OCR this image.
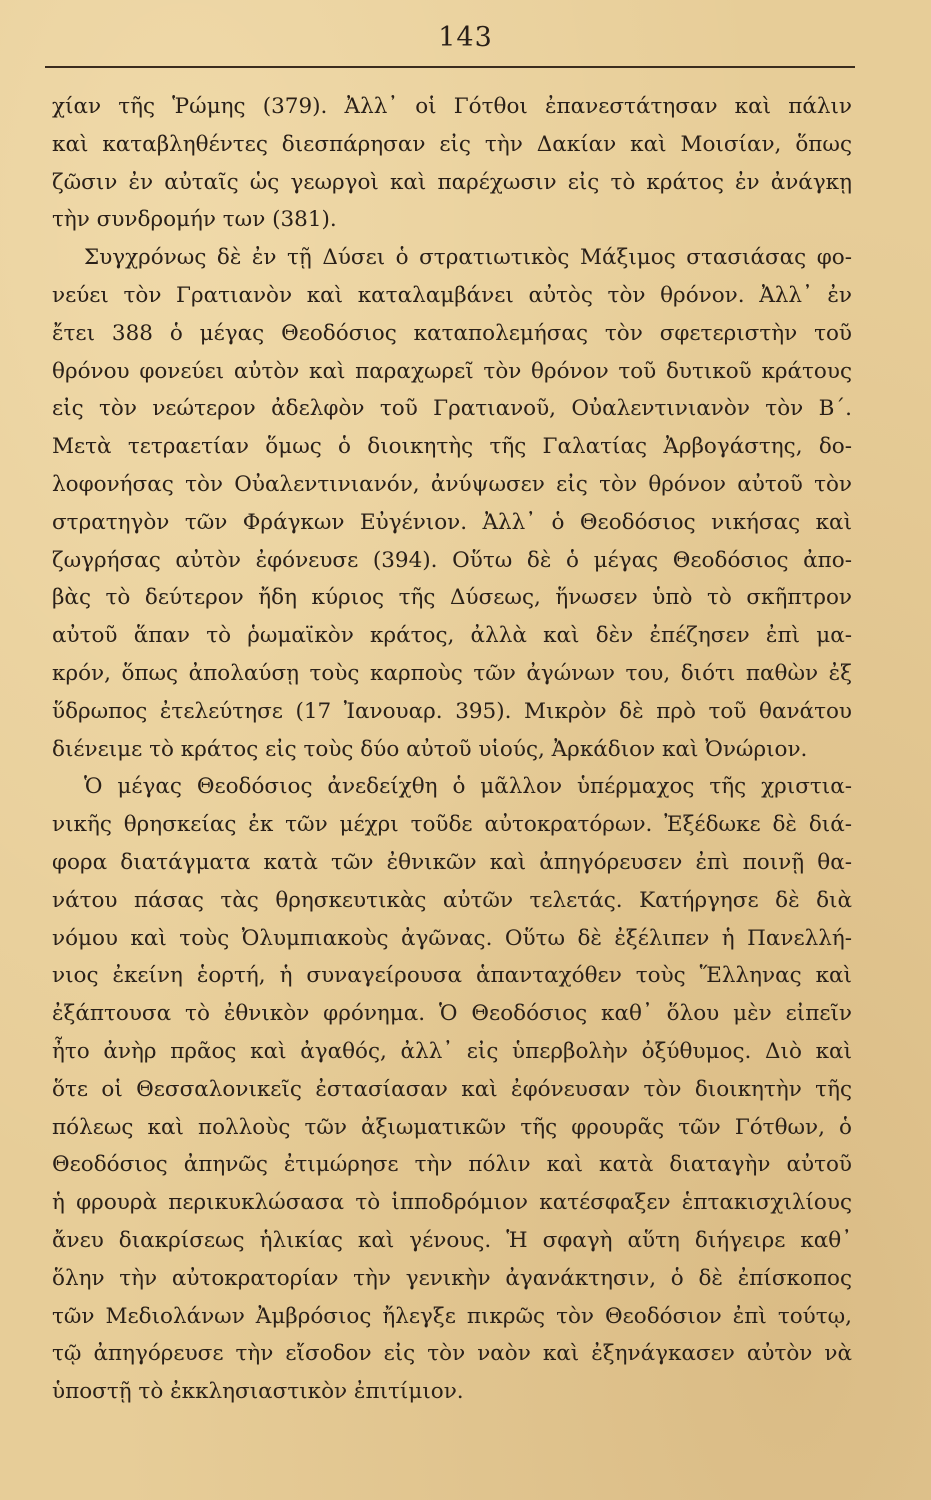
143
χίαν τῆς Ῥώμης (379). Ἀλλ᾿ οἱ Γότθοι ἐπανεστάτησαν καὶ πάλιν
καὶ καταβληθέντες διεσπάρησαν εἰς τὴν Δακίαν καὶ Μοισίαν, ὅπως
ζῶσιν ἐν αὐταῖς ὡς γεωργοὶ καὶ παρέχωσιν εἰς τὸ κράτος ἐν ἀνάγκῃ
τὴν συνδρομήν των (381).
Συγχρόνως δὲ ἐν τῇ Δύσει ὁ στρατιωτικὸς Μάξιμος στασιάσας φο-
νεύει τὸν Γρατιανὸν καὶ καταλαμβάνει αὐτὸς τὸν θρόνον. Ἀλλ᾿ ἐν
ἔτει 388 ὁ μέγας Θεοδόσιος καταπολεμήσας τὸν σφετεριστὴν τοῦ
θρόνου φονεύει αὐτὸν καὶ παραχωρεῖ τὸν θρόνον τοῦ δυτικοῦ κράτους
εἰς τὸν νεώτερον ἀδελφὸν τοῦ Γρατιανοῦ, Οὐαλεντινιανὸν τὸν Β΄.
Μετὰ τετραετίαν ὅμως ὁ διοικητὴς τῆς Γαλατίας Ἀρβογάστης, δο-
λοφονήσας τὸν Οὐαλεντινιανόν, ἀνύψωσεν εἰς τὸν θρόνον αὐτοῦ τὸν
στρατηγὸν τῶν Φράγκων Εὐγένιον. Ἀλλ᾿ ὁ Θεοδόσιος νικήσας καὶ
ζωγρήσας αὐτὸν ἐφόνευσε (394). Οὕτω δὲ ὁ μέγας Θεοδόσιος ἀπο-
βὰς τὸ δεύτερον ἤδη κύριος τῆς Δύσεως, ἥνωσεν ὑπὸ τὸ σκῆπτρον
αὐτοῦ ἅπαν τὸ ῥωμαϊκὸν κράτος, ἀλλὰ καὶ δὲν ἐπέζησεν ἐπὶ μα-
κρόν, ὅπως ἀπολαύσῃ τοὺς καρποὺς τῶν ἀγώνων του, διότι παθὼν ἐξ
ὕδρωπος ἐτελεύτησε (17 Ἰανουαρ. 395). Μικρὸν δὲ πρὸ τοῦ θανάτου
διένειμε τὸ κράτος εἰς τοὺς δύο αὐτοῦ υἱούς, Ἀρκάδιον καὶ Ὀνώριον.
Ὁ μέγας Θεοδόσιος ἀνεδείχθη ὁ μᾶλλον ὑπέρμαχος τῆς χριστια-
νικῆς θρησκείας ἐκ τῶν μέχρι τοῦδε αὐτοκρατόρων. Ἐξέδωκε δὲ διά-
φορα διατάγματα κατὰ τῶν ἐθνικῶν καὶ ἀπηγόρευσεν ἐπὶ ποινῇ θα-
νάτου πάσας τὰς θρησκευτικὰς αὐτῶν τελετάς. Κατήργησε δὲ διὰ
νόμου καὶ τοὺς Ὀλυμπιακοὺς ἀγῶνας. Οὕτω δὲ ἐξέλιπεν ἡ Πανελλή-
νιος ἐκείνη ἑορτή, ἡ συναγείρουσα ἁπανταχόθεν τοὺς Ἕλληνας καὶ
ἐξάπτουσα τὸ ἐθνικὸν φρόνημα. Ὁ Θεοδόσιος καθ᾿ ὅλου μὲν εἰπεῖν
ἦτο ἀνὴρ πρᾶος καὶ ἀγαθός, ἀλλ᾿ εἰς ὑπερβολὴν ὀξύθυμος. Διὸ καὶ
ὅτε οἱ Θεσσαλονικεῖς ἐστασίασαν καὶ ἐφόνευσαν τὸν διοικητὴν τῆς
πόλεως καὶ πολλοὺς τῶν ἀξιωματικῶν τῆς φρουρᾶς τῶν Γότθων, ὁ
Θεοδόσιος ἀπηνῶς ἐτιμώρησε τὴν πόλιν καὶ κατὰ διαταγὴν αὐτοῦ
ἡ φρουρὰ περικυκλώσασα τὸ ἱπποδρόμιον κατέσφαξεν ἑπτακισχιλίους
ἄνευ διακρίσεως ἡλικίας καὶ γένους. Ἡ σφαγὴ αὕτη διήγειρε καθ᾿
ὅλην τὴν αὐτοκρατορίαν τὴν γενικὴν ἀγανάκτησιν, ὁ δὲ ἐπίσκοπος
τῶν Μεδιολάνων Ἀμβρόσιος ἤλεγξε πικρῶς τὸν Θεοδόσιον ἐπὶ τούτῳ,
τῷ ἀπηγόρευσε τὴν εἴσοδον εἰς τὸν ναὸν καὶ ἐξηνάγκασεν αὐτὸν νὰ
ὑποστῇ τὸ ἐκκλησιαστικὸν ἐπιτίμιον.
